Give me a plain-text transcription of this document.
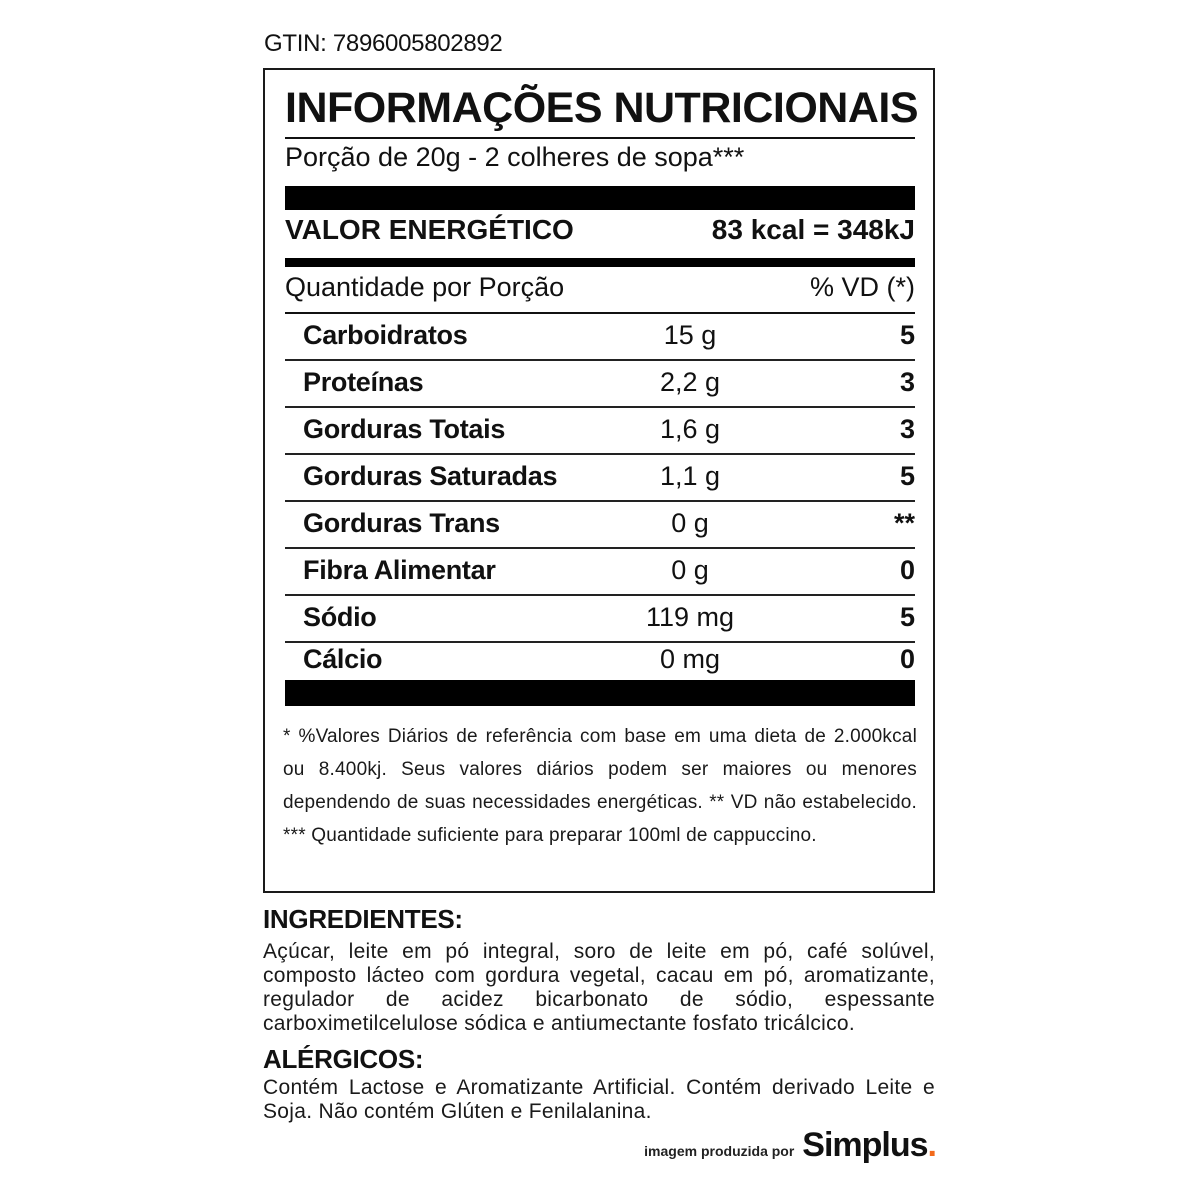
GTIN: 7896005802892
INFORMAÇÕES NUTRICIONAIS
Porção de 20g - 2 colheres de sopa***
VALOR ENERGÉTICO	83 kcal = 348kJ
Quantidade por Porção	% VD (*)
Carboidratos	15 g	5
Proteínas	2,2 g	3
Gorduras Totais	1,6 g	3
Gorduras Saturadas	1,1 g	5
Gorduras Trans	0 g	**
Fibra Alimentar	0 g	0
Sódio	119 mg	5
Cálcio	0 mg	0
* %Valores Diários de referência com base em uma dieta de 2.000kcal ou 8.400kj. Seus valores diários podem ser maiores ou menores dependendo de suas necessidades energéticas. ** VD não estabelecido. *** Quantidade suficiente para preparar 100ml de cappuccino.
INGREDIENTES:
Açúcar, leite em pó integral, soro de leite em pó, café solúvel, composto lácteo com gordura vegetal, cacau em pó, aromatizante, regulador de acidez bicarbonato de sódio, espessante carboximetilcelulose sódica e antiumectante fosfato tricálcico.
ALÉRGICOS:
Contém Lactose e Aromatizante Artificial. Contém derivado Leite e Soja. Não contém Glúten e Fenilalanina.
imagem produzida por Simplus.
